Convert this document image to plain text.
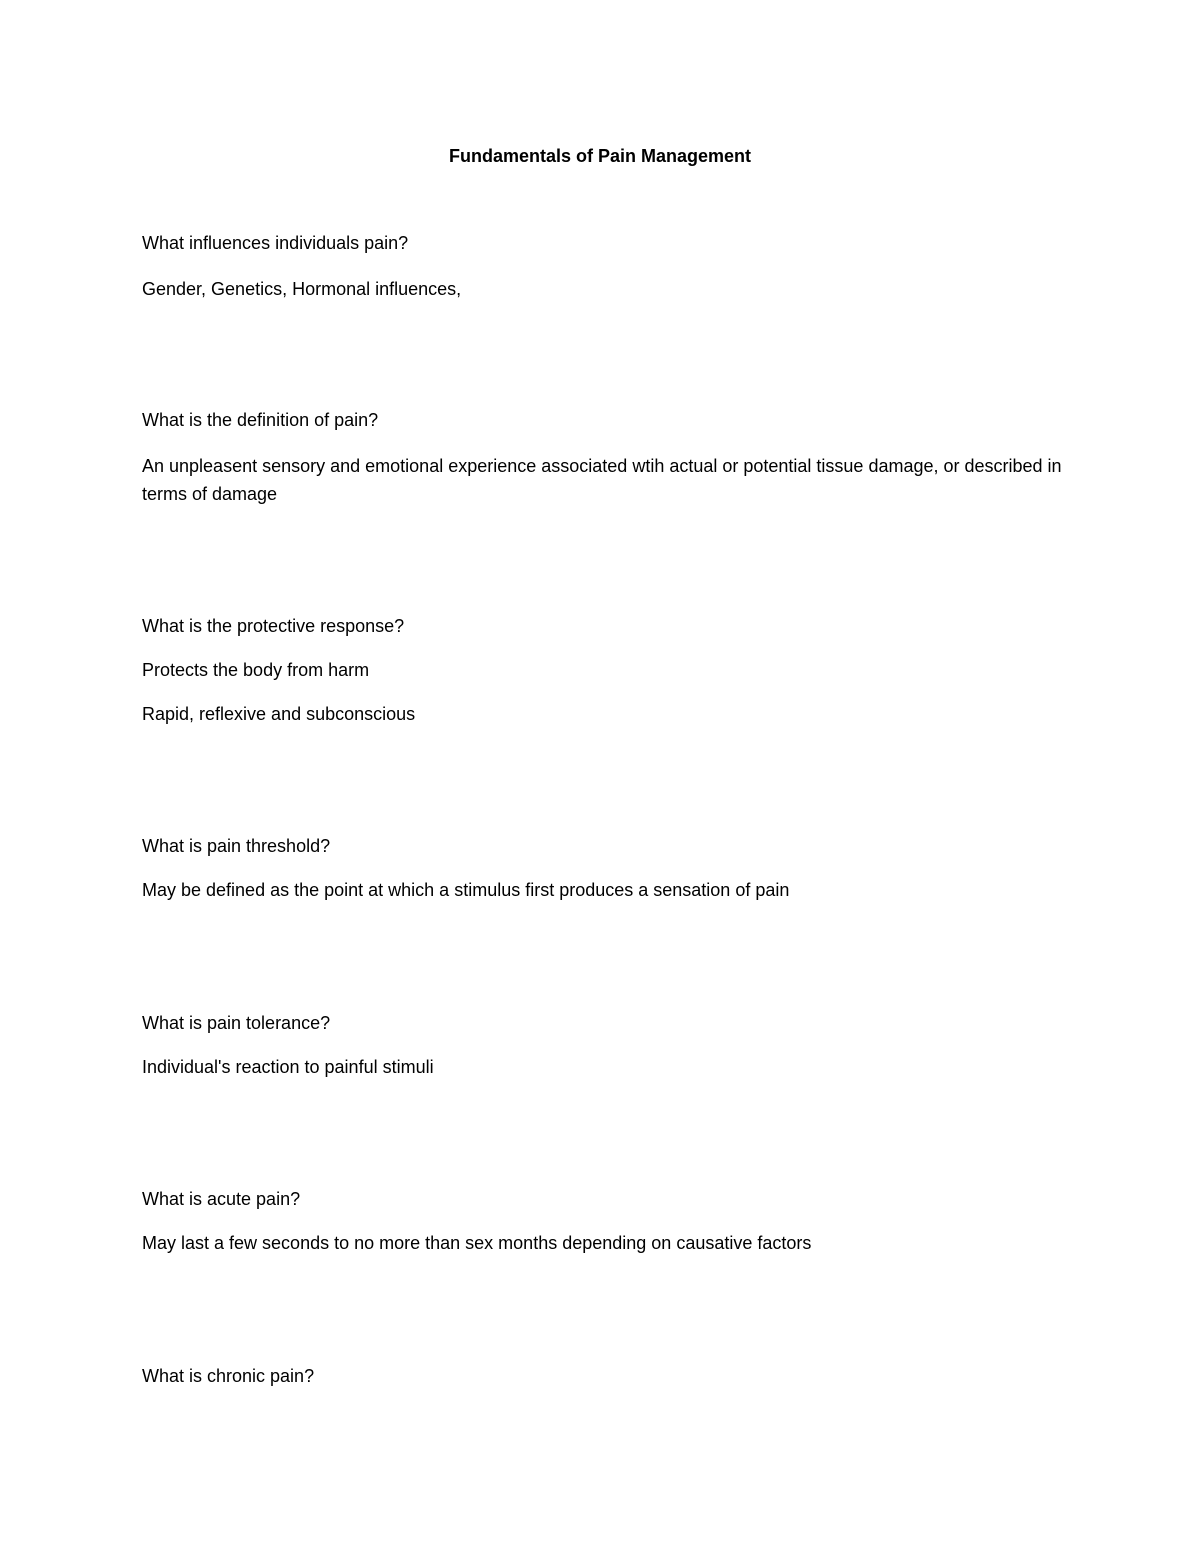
Fundamentals of Pain Management

What influences individuals pain?

Gender, Genetics, Hormonal influences,

What is the definition of pain?

An unpleasent sensory and emotional experience associated wtih actual or potential tissue damage, or described in terms of damage

What is the protective response?

Protects the body from harm

Rapid, reflexive and subconscious

What is pain threshold?

May be defined as the point at which a stimulus first produces a sensation of pain

What is pain tolerance?

Individual's reaction to painful stimuli

What is acute pain?

May last a few seconds to no more than sex months depending on causative factors

What is chronic pain?
